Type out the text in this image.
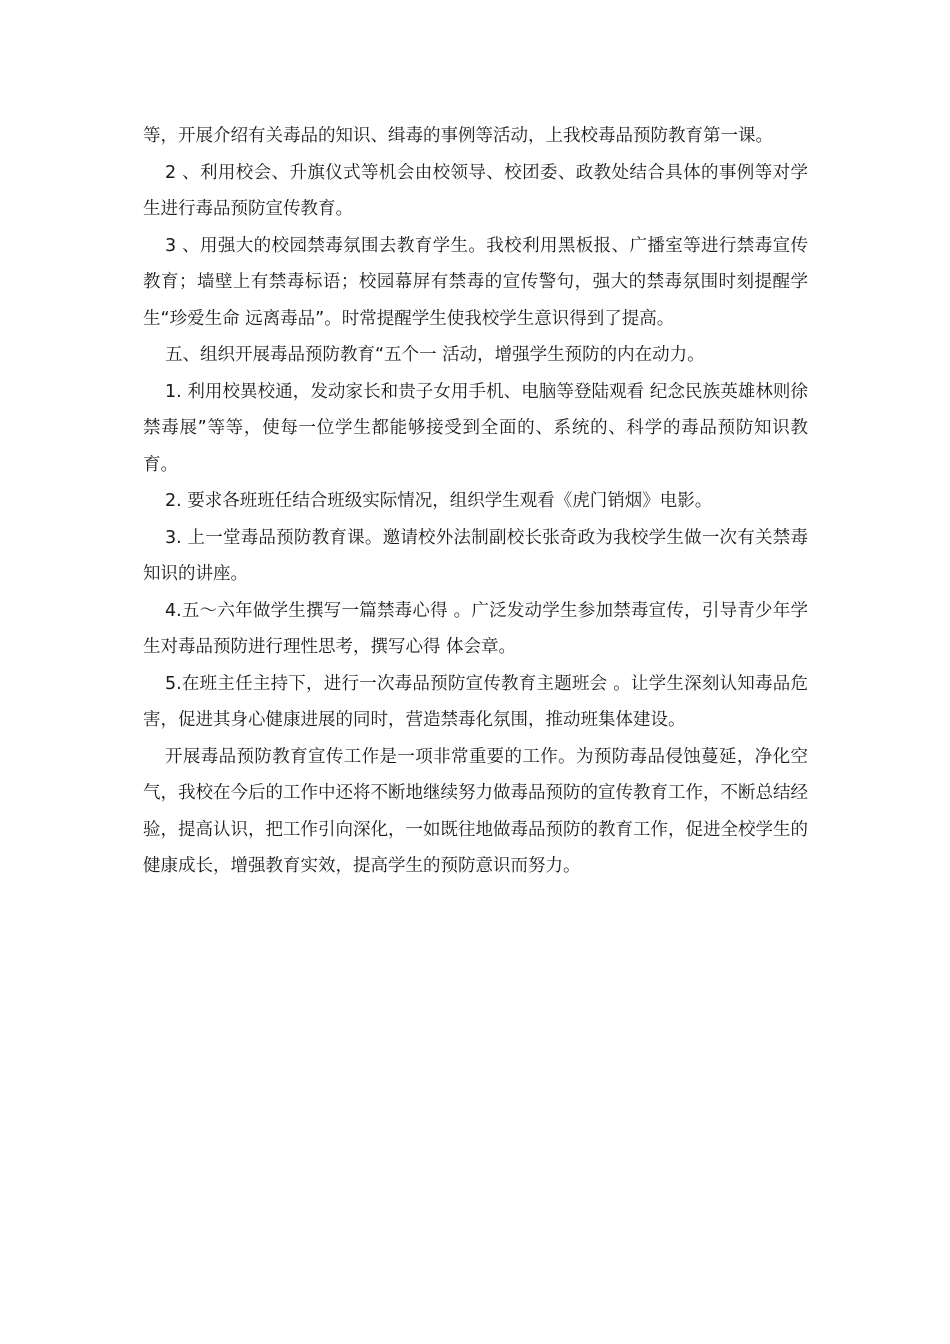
等，开展介绍有关毒品的知识、缉毒的事例等活动，上我校毒品预防教育第一课。

2 、利用校会、升旗仪式等机会由校领导、校团委、政教处结合具体的事例等对学生进行毒品预防宣传教育。

3 、用强大的校园禁毒氛围去教育学生。我校利用黑板报、广播室等进行禁毒宣传教育；墙壁上有禁毒标语；校园幕屏有禁毒的宣传警句，强大的禁毒氛围时刻提醒学生“珍爱生命 远离毒品”。时常提醒学生使我校学生意识得到了提高。

五、组织开展毒品预防教育“五个一 活动，增强学生预防的内在动力。

1. 利用校異校通，发动家长和贵子女用手机、电脑等登陆观看 纪念民族英雄林则徐禁毒展”等等，使每一位学生都能够接受到全面的、系统的、科学的毒品预防知识教育。

2. 要求各班班任结合班级实际情况，组织学生观看《虎门销烟》电影。

3. 上一堂毒品预防教育课。邀请校外法制副校长张奇政为我校学生做一次有关禁毒知识的讲座。

4.五～六年做学生撰写一篇禁毒心得 。广泛发动学生参加禁毒宣传，引导青少年学生对毒品预防进行理性思考，撰写心得 体会章。

5.在班主任主持下，进行一次毒品预防宣传教育主题班会 。让学生深刻认知毒品危害，促进其身心健康进展的同时，营造禁毒化氛围，推动班集体建设。

开展毒品预防教育宣传工作是一项非常重要的工作。为预防毒品侵蚀蔓延，净化空气，我校在今后的工作中还将不断地继续努力做毒品预防的宣传教育工作，不断总结经验，提高认识，把工作引向深化，一如既往地做毒品预防的教育工作，促进全校学生的健康成长，增强教育实效，提高学生的预防意识而努力。
